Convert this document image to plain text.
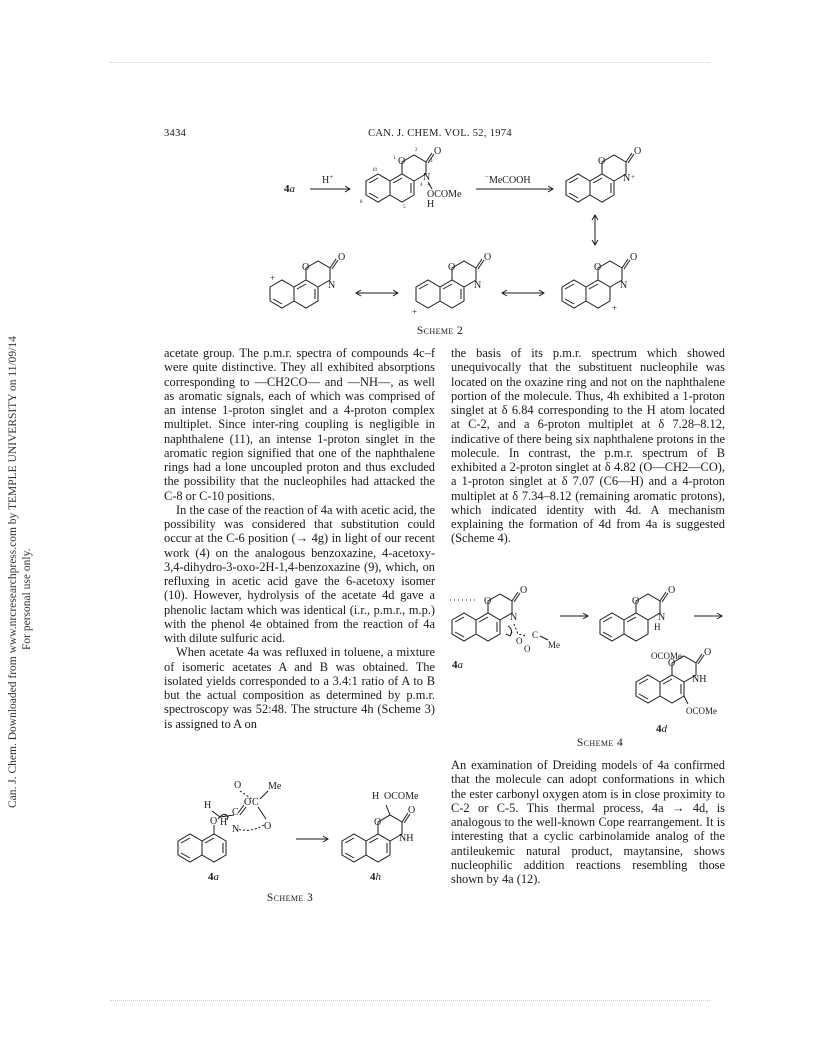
Can. J. Chem. Downloaded from www.nrcresearchpress.com by TEMPLE UNIVERSITY on 11/09/14 For personal use only.
3434	CAN. J. CHEM. VOL. 52, 1974
4a
H+
O
O
N
OCOMe
+
H
1
2
3
4
5
8
10
−MeCOOH
O
O
N +
O
O
N
+
O
O
N
+
O
O
N
+
Scheme 2

acetate group. The p.m.r. spectra of compounds 4c–f were quite distinctive. They all exhibited absorptions corresponding to —CH2CO— and —NH—, as well as aromatic signals, each of which was comprised of an intense 1-proton singlet and a 4-proton complex multiplet. Since inter-ring coupling is negligible in naphthalene (11), an intense 1-proton singlet in the aromatic region signified that one of the naphthalene rings had a lone uncoupled proton and thus excluded the possibility that the nucleophiles had attacked the C-8 or C-10 positions.

In the case of the reaction of 4a with acetic acid, the possibility was considered that substitution could occur at the C-6 position (→ 4g) in light of our recent work (4) on the analogous benzoxazine, 4-acetoxy-3,4-dihydro-3-oxo-2H-1,4-benzoxazine (9), which, on refluxing in acetic acid gave the 6-acetoxy isomer (10). However, hydrolysis of the acetate 4d gave a phenolic lactam which was identical (i.r., p.m.r., m.p.) with the phenol 4e obtained from the reaction of 4a with dilute sulfuric acid.

When acetate 4a was refluxed in toluene, a mixture of isomeric acetates A and B was obtained. The isolated yields corresponded to a 3.4:1 ratio of A to B but the actual composition as determined by p.m.r. spectroscopy was 52:48. The structure 4h (Scheme 3) is assigned to A on

the basis of its p.m.r. spectrum which showed unequivocally that the substituent nucleophile was located on the oxazine ring and not on the naphthalene portion of the molecule. Thus, 4h exhibited a 1-proton singlet at δ 6.84 corresponding to the H atom located at C-2, and a 6-proton multiplet at δ 7.28–8.12, indicative of there being six naphthalene protons in the molecule. In contrast, the p.m.r. spectrum of B exhibited a 2-proton singlet at δ 4.82 (O—CH2—CO), a 1-proton singlet at δ 7.07 (C6—H) and a 4-proton multiplet at δ 7.34–8.12 (remaining aromatic protons), which indicated identity with 4d. A mechanism explaining the formation of 4d from 4a is suggested (Scheme 4).

O
O
N
O
C
Me
O
4a
O
O
N
H
OCOMe
O
O
NH
OCOMe
4d
Scheme 4

An examination of Dreiding models of 4a confirmed that the molecule can adopt conformations in which the ester carbonyl oxygen atom is in close proximity to C-2 or C-5. This thermal process, 4a → 4d, is analogous to the well-known Cope rearrangement. It is interesting that a cyclic carbinolamide analog of the antileukemic natural product, maytansine, shows nucleophilic addition reactions resembling those shown by 4a (12).

O
H
C
O
H
N
O
C
Me
O
4a
O
O
NH
H OCOMe
4h
Scheme 3
